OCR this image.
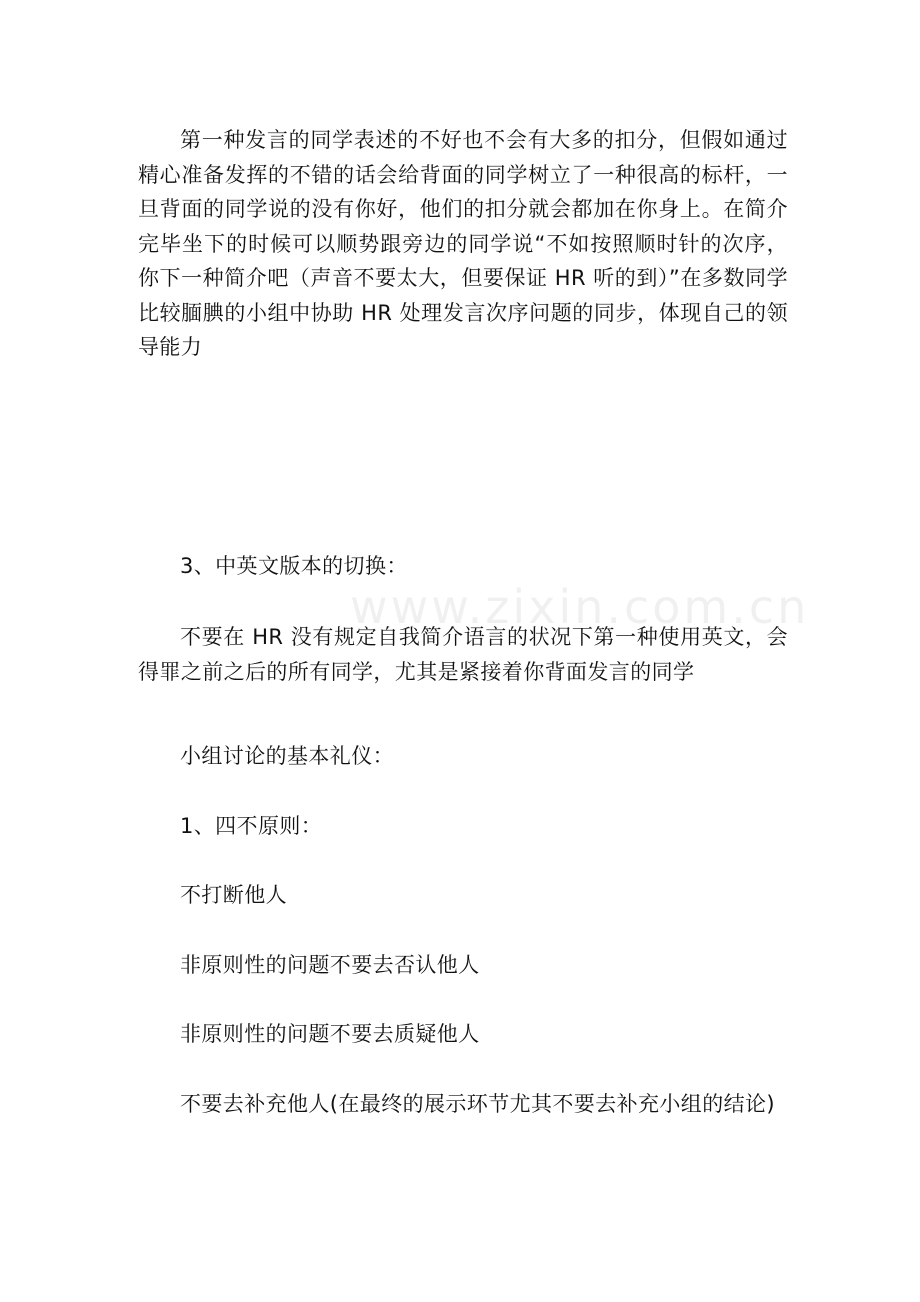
www.zixin.com.cn

第一种发言的同学表述的不好也不会有大多的扣分，但假如通过精心准备发挥的不错的话会给背面的同学树立了一种很高的标杆，一旦背面的同学说的没有你好，他们的扣分就会都加在你身上。在简介完毕坐下的时候可以顺势跟旁边的同学说“不如按照顺时针的次序，你下一种简介吧（声音不要太大，但要保证 HR 听的到）”在多数同学比较腼腆的小组中协助 HR 处理发言次序问题的同步，体现自己的领导能力

3、中英文版本的切换：

不要在 HR 没有规定自我简介语言的状况下第一种使用英文，会得罪之前之后的所有同学，尤其是紧接着你背面发言的同学

小组讨论的基本礼仪：

1、四不原则：

不打断他人

非原则性的问题不要去否认他人

非原则性的问题不要去质疑他人

不要去补充他人(在最终的展示环节尤其不要去补充小组的结论)
